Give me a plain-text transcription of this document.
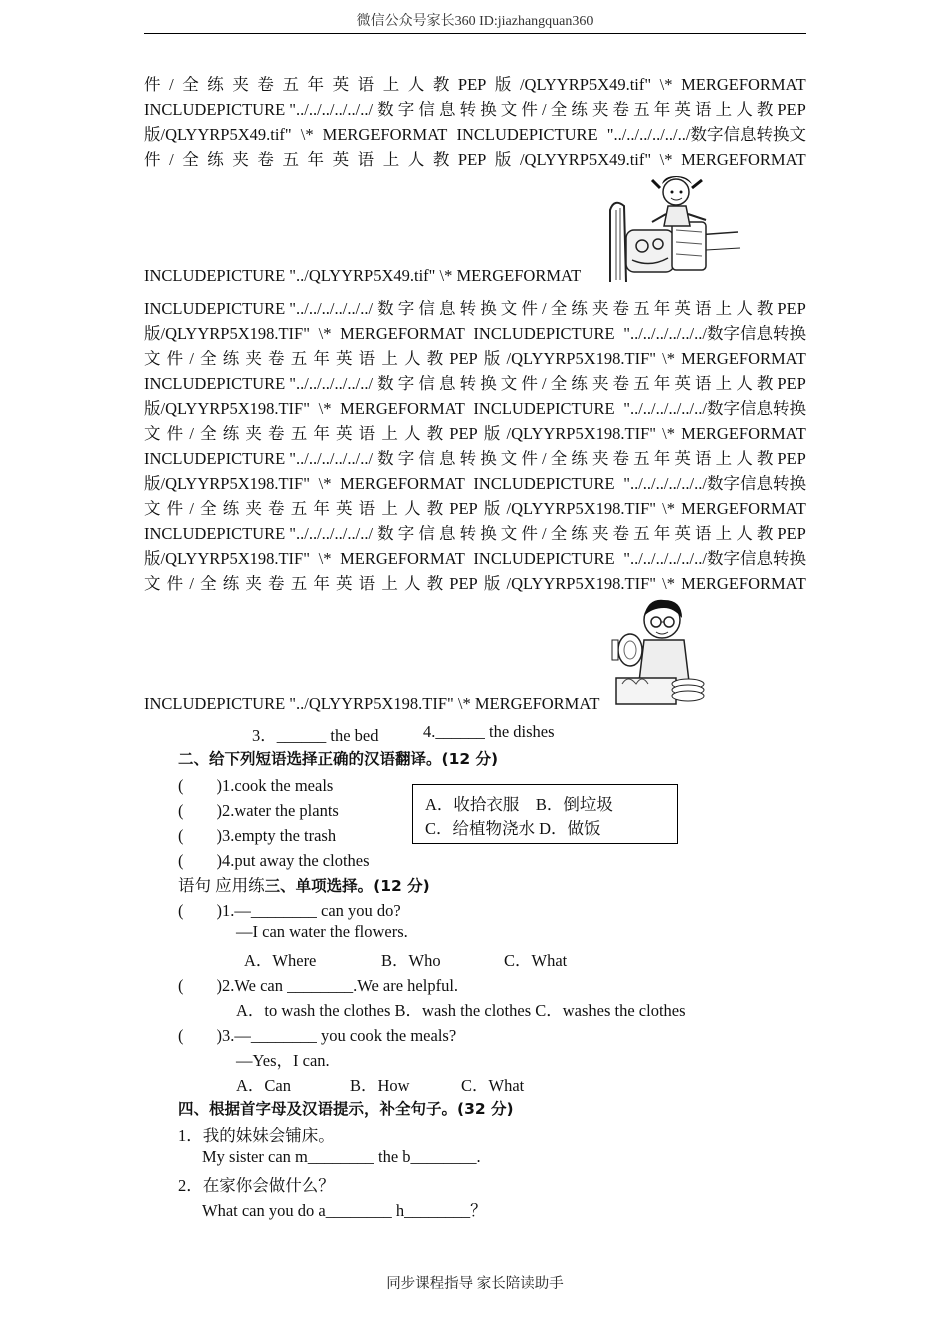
微信公众号家长360 ID:jiazhangquan360
件 / 全 练 夹 卷 五 年 英 语 上 人 教 PEP 版 /QLYYRP5X49.tif" \* MERGEFORMAT
INCLUDEPICTURE "../../../../../../ 数 字 信 息 转 换 文 件 / 全 练 夹 卷 五 年 英 语 上 人 教 PEP
版/QLYYRP5X49.tif" \* MERGEFORMAT INCLUDEPICTURE "../../../../../../数字信息转换文
件 / 全 练 夹 卷 五 年 英 语 上 人 教 PEP 版 /QLYYRP5X49.tif" \* MERGEFORMAT
INCLUDEPICTURE "../QLYYRP5X49.tif" \* MERGEFORMAT
INCLUDEPICTURE "../../../../../../ 数 字 信 息 转 换 文 件 / 全 练 夹 卷 五 年 英 语 上 人 教 PEP
版/QLYYRP5X198.TIF" \* MERGEFORMAT INCLUDEPICTURE "../../../../../../数字信息转换
文 件 / 全 练 夹 卷 五 年 英 语 上 人 教 PEP 版 /QLYYRP5X198.TIF" \* MERGEFORMAT
INCLUDEPICTURE "../../../../../../ 数 字 信 息 转 换 文 件 / 全 练 夹 卷 五 年 英 语 上 人 教 PEP
版/QLYYRP5X198.TIF" \* MERGEFORMAT INCLUDEPICTURE "../../../../../../数字信息转换
文 件 / 全 练 夹 卷 五 年 英 语 上 人 教 PEP 版 /QLYYRP5X198.TIF" \* MERGEFORMAT
INCLUDEPICTURE "../../../../../../ 数 字 信 息 转 换 文 件 / 全 练 夹 卷 五 年 英 语 上 人 教 PEP
版/QLYYRP5X198.TIF" \* MERGEFORMAT INCLUDEPICTURE "../../../../../../数字信息转换
文 件 / 全 练 夹 卷 五 年 英 语 上 人 教 PEP 版 /QLYYRP5X198.TIF" \* MERGEFORMAT
INCLUDEPICTURE "../../../../../../ 数 字 信 息 转 换 文 件 / 全 练 夹 卷 五 年 英 语 上 人 教 PEP
版/QLYYRP5X198.TIF" \* MERGEFORMAT INCLUDEPICTURE "../../../../../../数字信息转换
文 件 / 全 练 夹 卷 五 年 英 语 上 人 教 PEP 版 /QLYYRP5X198.TIF" \* MERGEFORMAT
INCLUDEPICTURE "../QLYYRP5X198.TIF" \* MERGEFORMAT
3．______ the bed	4.______ the dishes
二、给下列短语选择正确的汉语翻译。(12 分)
(　　)1.cook the meals
(　　)2.water the plants
(　　)3.empty the trash
(　　)4.put away the clothes
A．收拾衣服　B．倒垃圾
C．给植物浇水 D．做饭
语句 应用练三、单项选择。(12 分)
(　　)1.—________ can you do?
—I can water the flowers.
A．Where	B．Who	C．What
(　　)2.We can ________.We are helpful.
A．to wash the clothes B．wash the clothes C．washes the clothes
(　　)3.—________ you cook the meals?
—Yes，I can.
A．Can	B．How	C．What
四、根据首字母及汉语提示，补全句子。(32 分)
1．我的妹妹会铺床。
My sister can m________ the b________.
2．在家你会做什么？
What can you do a________ h________？
同步课程指导 家长陪读助手
